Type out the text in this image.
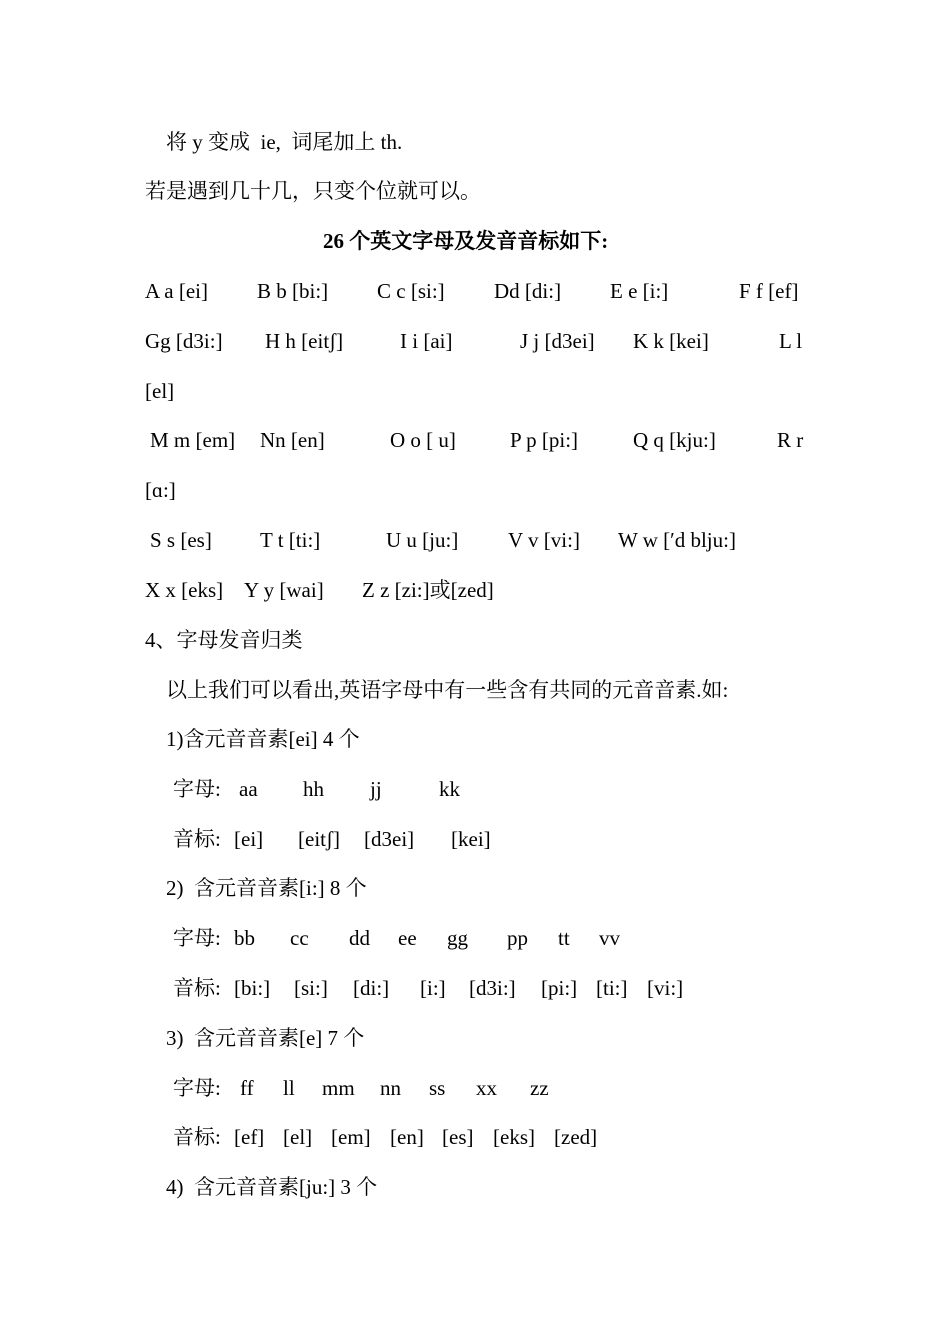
将 y 变成  ie,  词尾加上 th.
若是遇到几十几，只变个位就可以。
26 个英文字母及发音音标如下:
A a [ei] B b [bi:] C c [si:] Dd [di:] E e [i:]	F f [ef]
Gg [d3i:] H h [eitʃ]	I i [ai]	J j [d3ei] K k [kei]	L l
[el]
M m [em] Nn [en]	O o [ u]	P p [pi:]	Q q [kju:]	R r
[ɑ:]
S s [es] T t [ti:]	U u [ju:] V v [vi:] W w [′d blju:]
X x [eks] Y y [wai] Z z [zi:]或[zed]
4、字母发音归类
以上我们可以看出,英语字母中有一些含有共同的元音音素.如:
1)含元音音素[ei] 4 个
字母: aa hh jj	kk
音标: [ei] [eitʃ] [d3ei] [kei]
2)  含元音音素[i:] 8 个
字母: bb cc dd ee gg pp tt vv
音标: [bi:] [si:] [di:] [i:] [d3i:] [pi:] [ti:] [vi:]
3)  含元音音素[e] 7 个
字母: ff ll mm nn ss xx zz
音标: [ef] [el] [em] [en] [es] [eks] [zed]
4)  含元音音素[ju:] 3 个
